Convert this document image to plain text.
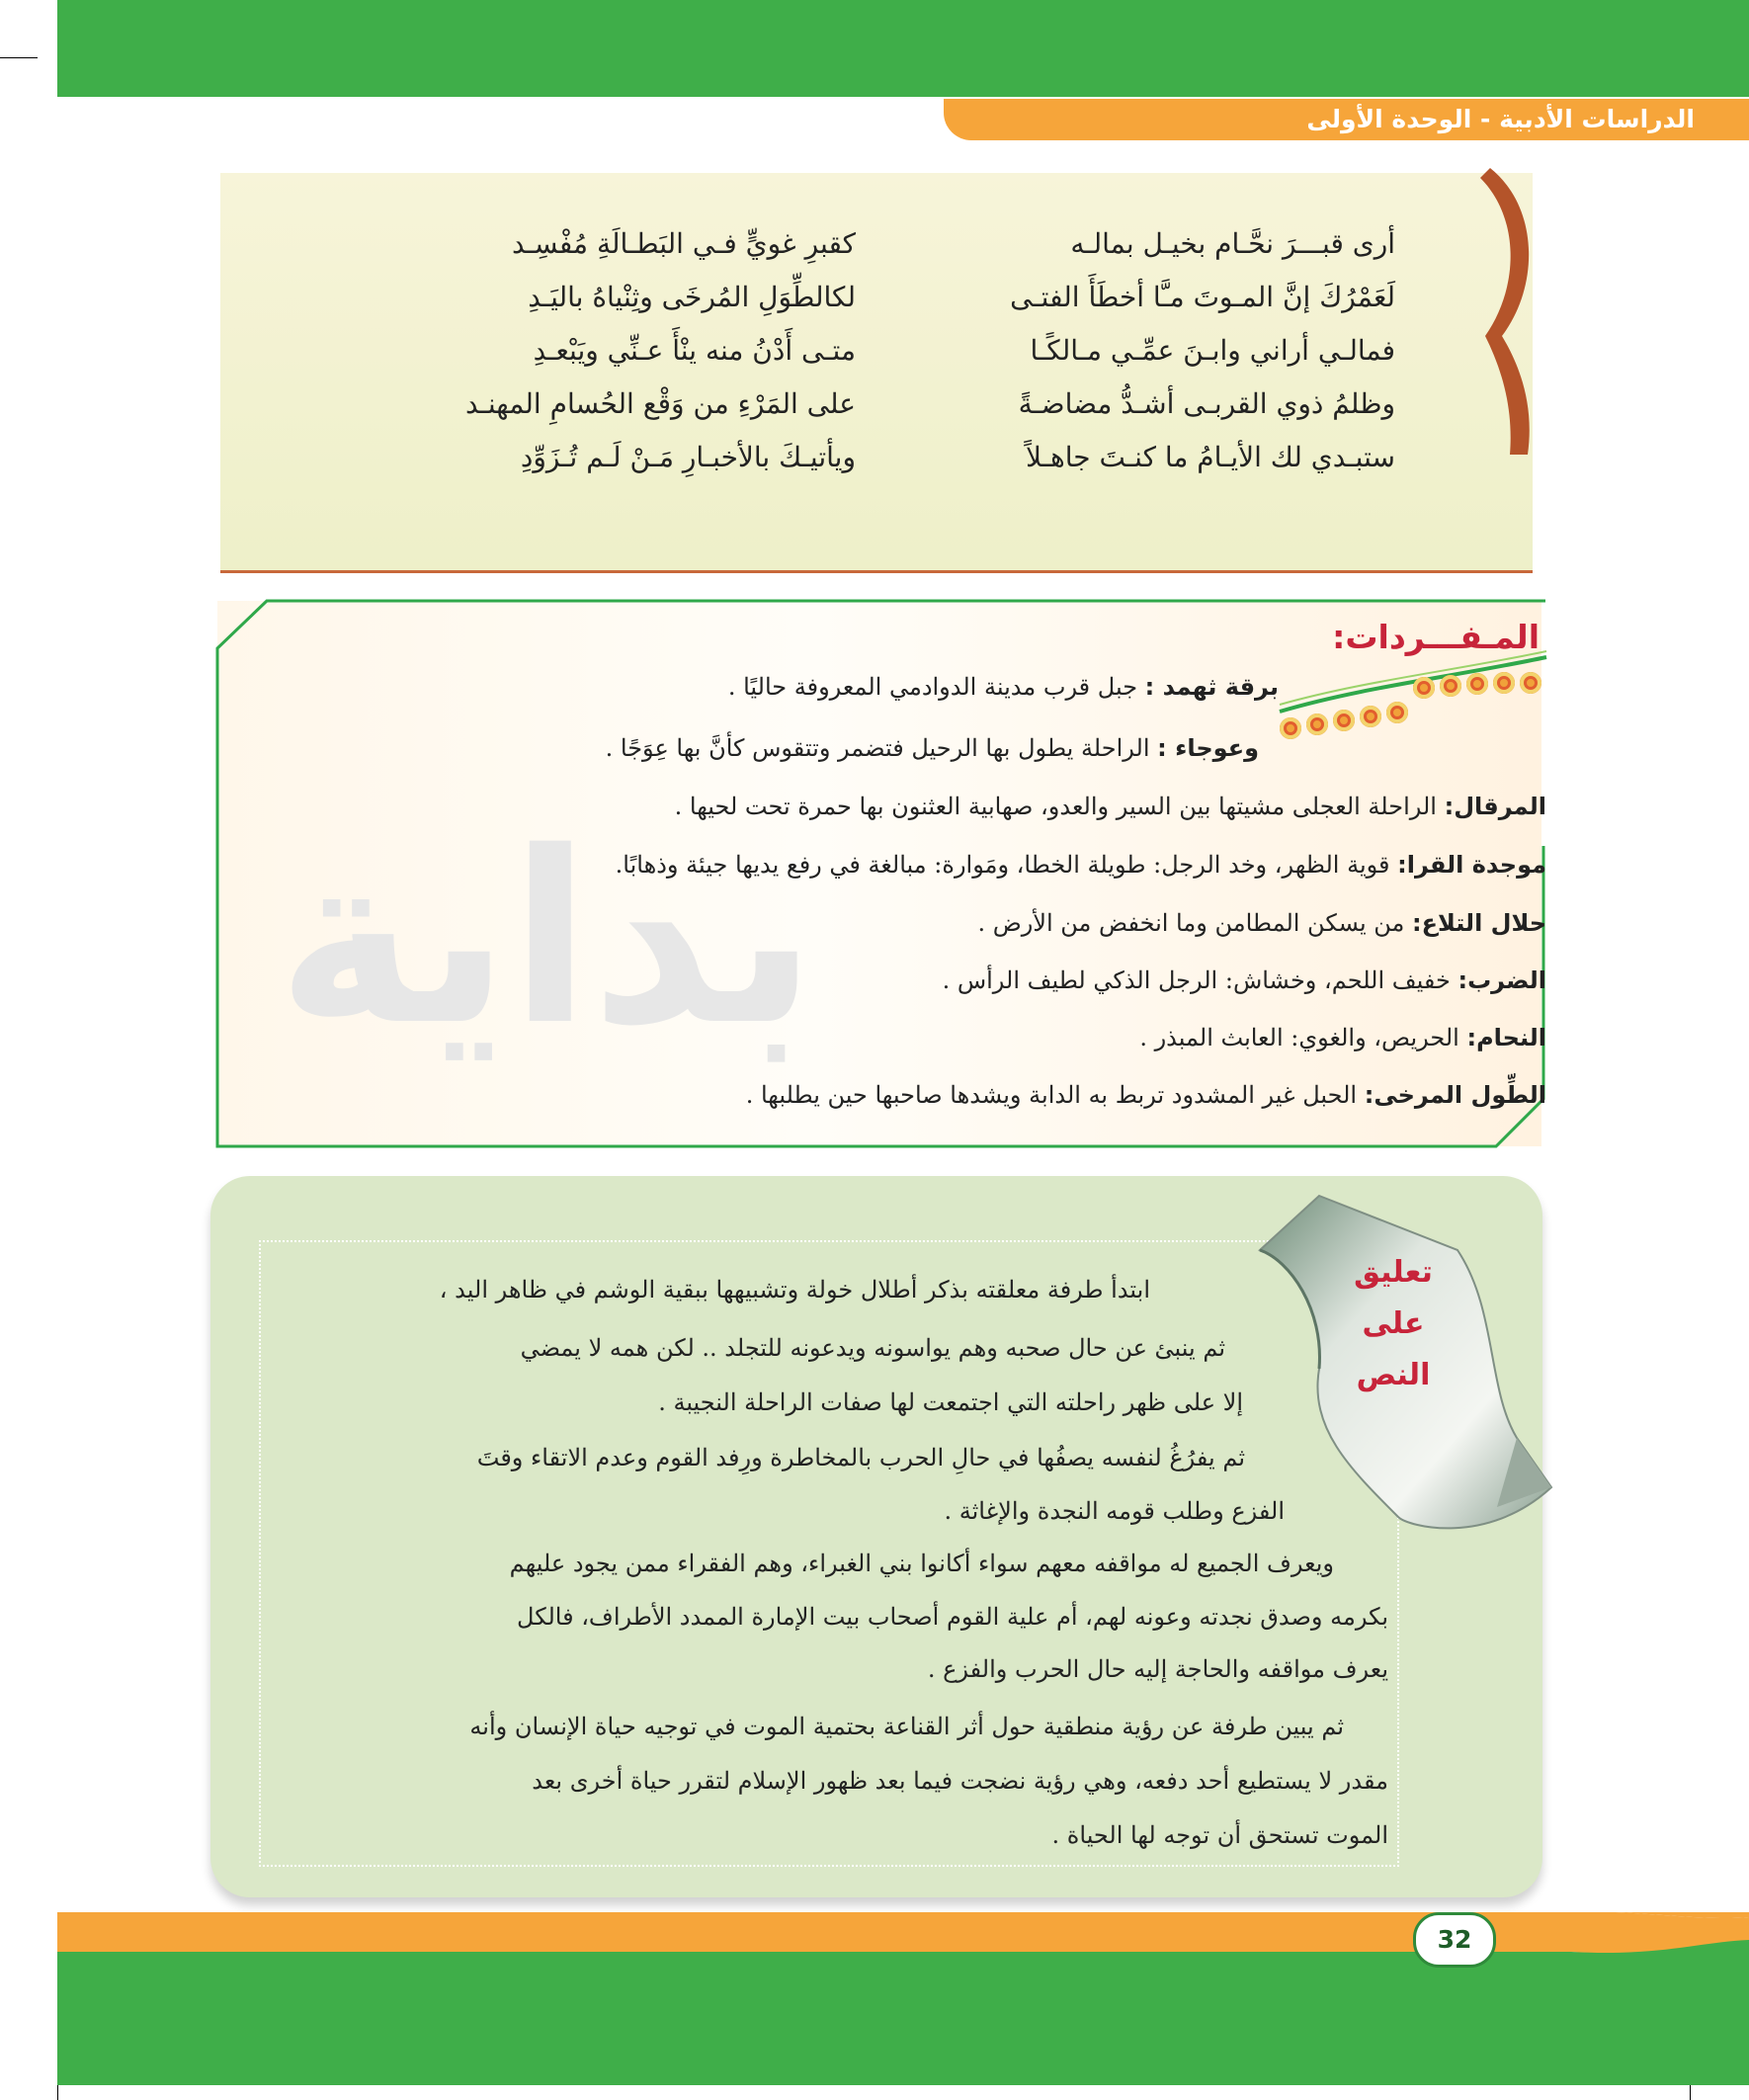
الدراسات الأدبية - الوحدة الأولى
أرى قبـــرَ نحَّـام بخيـل بمالـه
لَعَمْرُكَ إنَّ المـوتَ مـَّا أخطَأَ الفتـى
فمالـي أراني وابـنَ عمِّـي مـالكًـا
وظلمُ ذوي القربـى أشـدُّ مضاضـةً
ستبـدي لك الأيـامُ ما كنـتَ جاهـلاً
كقبرِ غويٍّ فـي البَطـالَةِ مُفْسِـد
لكالطِّوَلِ المُرخَى وثِنْياهُ باليَـدِ
متـى أَدْنُ منه ينْأَ عـنِّي ويَبْعـدِ
على المَرْءِ من وَقْع الحُسامِ المهنـد
ويأتيـكَ بالأخبـارِ مَـنْ لَـم تُـزَوِّدِ
بداية
المـفـــردات:
برقة ثهمد : جبل قرب مدينة الدوادمي المعروفة حاليًا .
وعوجاء : الراحلة يطول بها الرحيل فتضمر وتتقوس كأنَّ بها عِوَجًا .
المرقال: الراحلة العجلى مشيتها بين السير والعدو، صهابية العثنون بها حمرة تحت لحيها .
موجدة القرا: قوية الظهر، وخد الرجل: طويلة الخطا، ومَوارة: مبالغة في رفع يديها جيئة وذهابًا.
حلال التلاع: من يسكن المطامن وما انخفض من الأرض .
الضرب: خفيف اللحم، وخشاش: الرجل الذكي لطيف الرأس .
النحام: الحريص، والغوي: العابث المبذر .
الطِّول المرخى: الحبل غير المشدود تربط به الدابة ويشدها صاحبها حين يطلبها .
تعليق
على
النص
ابتدأ طرفة معلقته بذكر أطلال خولة وتشبيهها ببقية الوشم في ظاهر اليد ،
ثم ينبئ عن حال صحبه وهم يواسونه ويدعونه للتجلد .. لكن همه لا يمضي
إلا على ظهر راحلته التي اجتمعت لها صفات الراحلة النجيبة .
ثم يفرُغُ لنفسه يصفُها في حالِ الحرب بالمخاطرة ورِفد القوم وعدم الاتقاء وقتَ
الفزع وطلب قومه النجدة والإغاثة .
ويعرف الجميع له مواقفه معهم سواء أكانوا بني الغبراء، وهم الفقراء ممن يجود عليهم
بكرمه وصدق نجدته وعونه لهم، أم علية القوم أصحاب بيت الإمارة الممدد الأطراف، فالكل
يعرف مواقفه والحاجة إليه حال الحرب والفزع .
ثم يبين طرفة عن رؤية منطقية حول أثر القناعة بحتمية الموت في توجيه حياة الإنسان وأنه
مقدر لا يستطيع أحد دفعه، وهي رؤية نضجت فيما بعد ظهور الإسلام لتقرر حياة أخرى بعد
الموت تستحق أن توجه لها الحياة .
32
